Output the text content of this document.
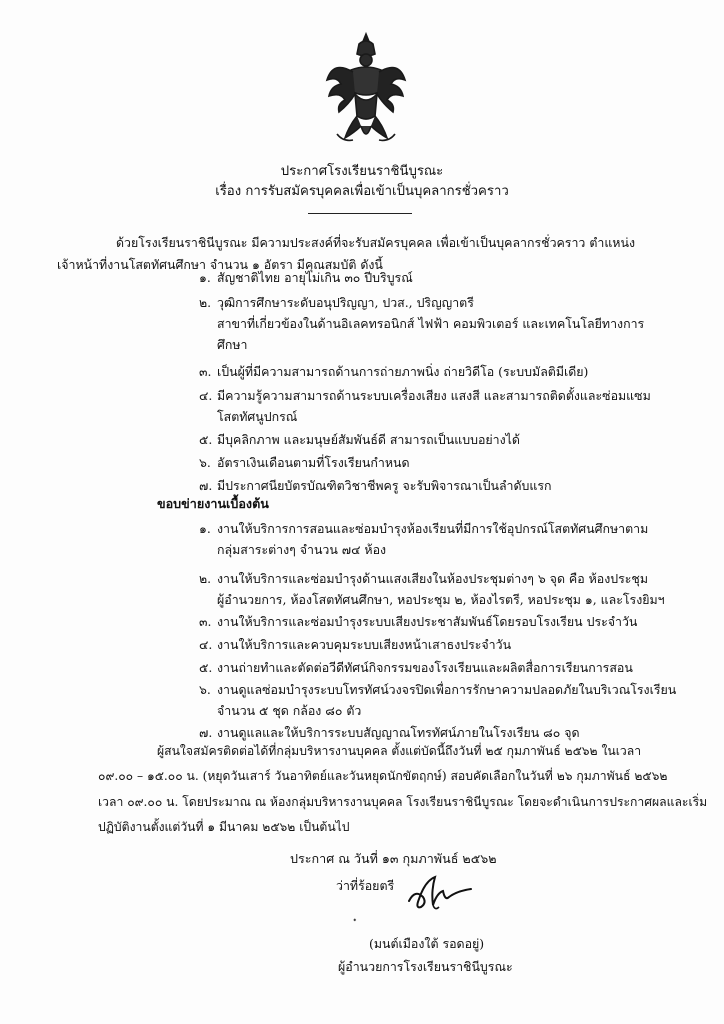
ประกาศโรงเรียนราชินีบูรณะ
เรื่อง การรับสมัครบุคคลเพื่อเข้าเป็นบุคลากรชั่วคราว
ด้วยโรงเรียนราชินีบูรณะ มีความประสงค์ที่จะรับสมัครบุคคล เพื่อเข้าเป็นบุคลากรชั่วคราว ตำแหน่ง
เจ้าหน้าที่งานโสตทัศนศึกษา จำนวน ๑ อัตรา มีคุณสมบัติ ดังนี้
๑. สัญชาติไทย อายุไม่เกิน ๓๐ ปีบริบูรณ์
๒. วุฒิการศึกษาระดับอนุปริญญา, ปวส., ปริญญาตรี
สาขาที่เกี่ยวข้องในด้านอิเลคทรอนิกส์ ไฟฟ้า คอมพิวเตอร์ และเทคโนโลยีทางการ
ศึกษา
๓. เป็นผู้ที่มีความสามารถด้านการถ่ายภาพนิ่ง ถ่ายวิดีโอ (ระบบมัลติมีเดีย)
๔. มีความรู้ความสามารถด้านระบบเครื่องเสียง แสงสี และสามารถติดตั้งและซ่อมแซม
โสตทัศนูปกรณ์
๕. มีบุคลิกภาพ และมนุษย์สัมพันธ์ดี สามารถเป็นแบบอย่างได้
๖. อัตราเงินเดือนตามที่โรงเรียนกำหนด
๗. มีประกาศนียบัตรบัณฑิตวิชาชีพครู จะรับพิจารณาเป็นลำดับแรก
ขอบข่ายงานเบื้องต้น
๑. งานให้บริการการสอนและซ่อมบำรุงห้องเรียนที่มีการใช้อุปกรณ์โสตทัศนศึกษาตาม
กลุ่มสาระต่างๆ จำนวน ๗๔ ห้อง
๒. งานให้บริการและซ่อมบำรุงด้านแสงเสียงในห้องประชุมต่างๆ ๖ จุด คือ ห้องประชุม
ผู้อำนวยการ, ห้องโสตทัศนศึกษา, หอประชุม ๒, ห้องไรตรี, หอประชุม ๑, และโรงยิมฯ
๓. งานให้บริการและซ่อมบำรุงระบบเสียงประชาสัมพันธ์โดยรอบโรงเรียน ประจำวัน
๔. งานให้บริการและควบคุมระบบเสียงหน้าเสาธงประจำวัน
๕. งานถ่ายทำและตัดต่อวีดีทัศน์กิจกรรมของโรงเรียนและผลิตสื่อการเรียนการสอน
๖. งานดูแลซ่อมบำรุงระบบโทรทัศน์วงจรปิดเพื่อการรักษาความปลอดภัยในบริเวณโรงเรียน
จำนวน ๕ ชุด กล้อง ๘๐ ตัว
๗. งานดูแลและให้บริการระบบสัญญาณโทรทัศน์ภายในโรงเรียน ๘๐ จุด
ผู้สนใจสมัครติดต่อได้ที่กลุ่มบริหารงานบุคคล ตั้งแต่บัดนี้ถึงวันที่ ๒๕ กุมภาพันธ์ ๒๕๖๒ ในเวลา
๐๙.๐๐ – ๑๕.๐๐ น. (หยุดวันเสาร์ วันอาทิตย์และวันหยุดนักขัตฤกษ์) สอบคัดเลือกในวันที่ ๒๖ กุมภาพันธ์ ๒๕๖๒
เวลา ๐๙.๐๐ น. โดยประมาณ ณ ห้องกลุ่มบริหารงานบุคคล โรงเรียนราชินีบูรณะ โดยจะดำเนินการประกาศผลและเริ่ม
ปฏิบัติงานตั้งแต่วันที่ ๑ มีนาคม ๒๕๖๒ เป็นต้นไป
ประกาศ ณ วันที่ ๑๓ กุมภาพันธ์ ๒๕๖๒
ว่าที่ร้อยตรี
(มนต์เมืองใต้ รอดอยู่)
ผู้อำนวยการโรงเรียนราชินีบูรณะ
